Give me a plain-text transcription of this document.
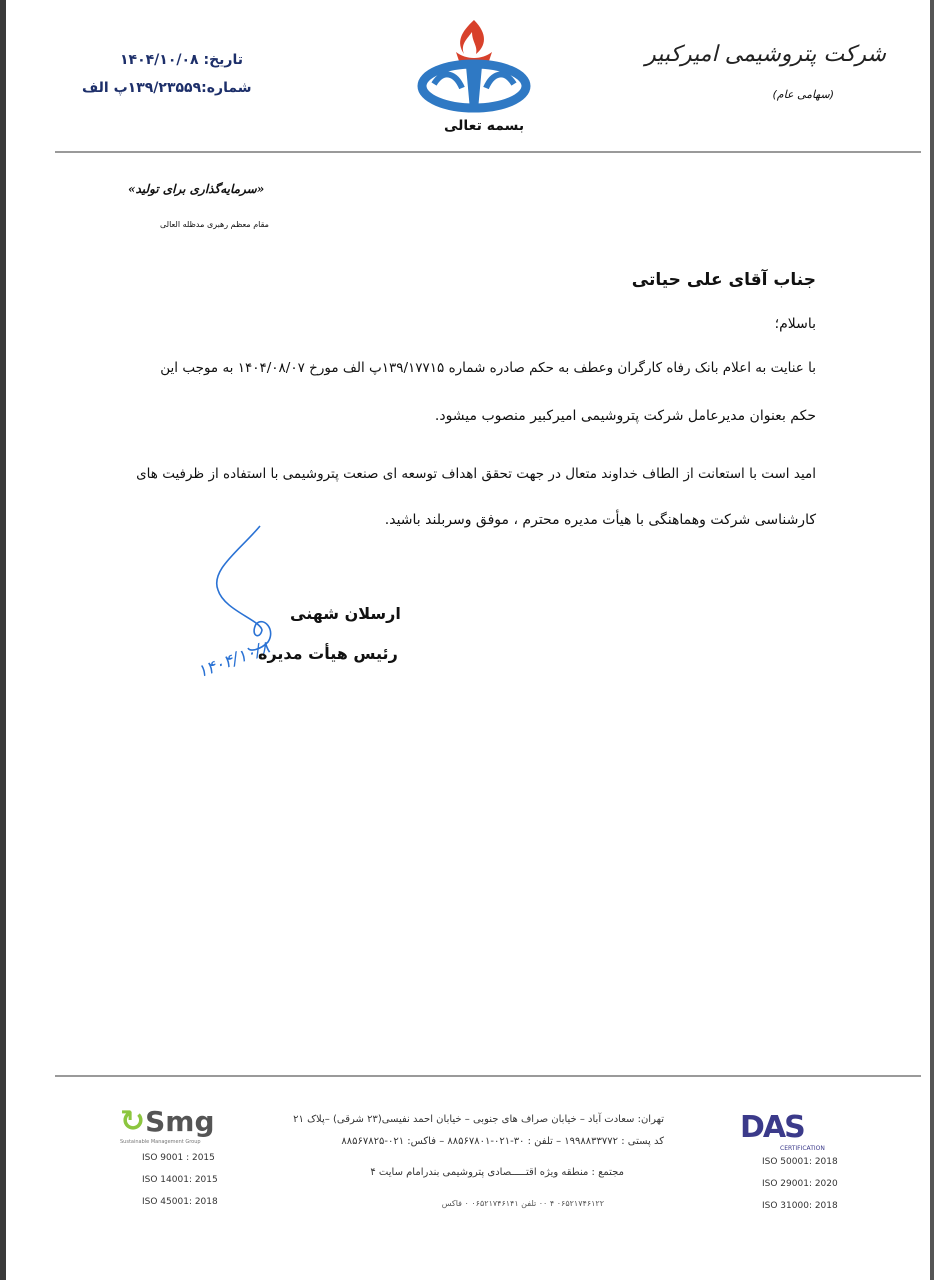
تاریخ: ۱۴۰۴/۱۰/۰۸
شماره:۱۳۹/۲۳۵۵۹پ الف
بسمه تعالی
شرکت پتروشیمی امیرکبیر
(سهامی عام)
«سرمایه‌گذاری برای تولید»
مقام معظم رهبری مدظله العالی
جناب آقای علی حیاتی
باسلام؛
با عنایت به اعلام بانک رفاه کارگران وعطف به حکم صادره شماره ۱۳۹/۱۷۷۱۵پ الف مورخ ۱۴۰۴/۰۸/۰۷ به موجب این
حکم بعنوان مدیرعامل شرکت پتروشیمی امیرکبیر منصوب میشود.
امید است با استعانت از الطاف خداوند متعال در جهت تحقق اهداف توسعه ای صنعت پتروشیمی با استفاده از ظرفیت های
کارشناسی شرکت وهماهنگی با هیأت مدیره محترم ، موفق وسربلند باشید.
۱۴۰۴/۱۰/۸
ارسلان شهنی
رئیس هیأت مدیره
↻Smg
Sustainable Management Group
ISO 9001 : 2015
ISO 14001: 2015
ISO 45001: 2018
تهران: سعادت آباد – خیابان صراف های جنوبی – خیابان احمد نفیسی(۲۳ شرقی) –پلاک ۲۱
کد پستی : ۱۹۹۸۸۳۳۷۷۲ – تلفن : ۳۰-۰۲۱-۸۸۵۶۷۸۰۱ – فاکس: ۰۲۱-۸۸۵۶۷۸۲۵
مجتمع : منطقه ویژه اقتـــــصادی پتروشیمی بندرامام سایت ۴
۰۶۵۲۱۷۴۶۱۲۲ ۴ ۰۰ تلفن ۰۶۵۲۱۷۴۶۱۴۱ ۰ فاکس
DAS
CERTIFICATION
ISO 50001: 2018
ISO 29001: 2020
ISO 31000: 2018
